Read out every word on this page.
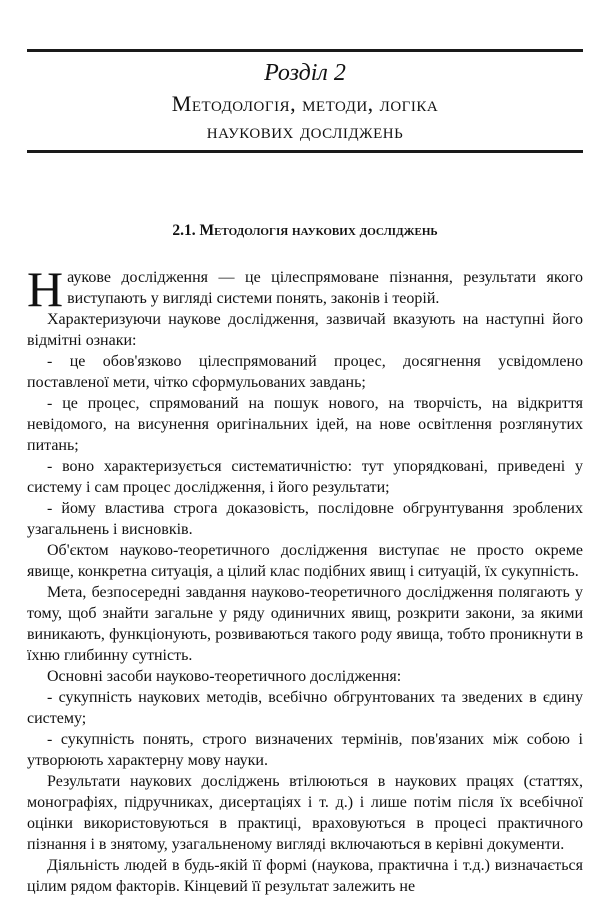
Розділ 2
Методологія, методи, логіка
наукових досліджень
2.1. Методологія наукових досліджень

Наукове дослідження — це цілеспрямоване пізнання, результати якого виступають у вигляді системи понять, законів і теорій.

Характеризуючи наукове дослідження, зазвичай вказують на наступні його відмітні ознаки:

- це обов'язково цілеспрямований процес, досягнення усвідомлено поставленої мети, чітко сформульованих завдань;

- це процес, спрямований на пошук нового, на творчість, на відкриття невідомого, на висунення оригінальних ідей, на нове освітлення розглянутих питань;

- воно характеризується систематичністю: тут упорядковані, приведені у систему і сам процес дослідження, і його результати;

- йому властива строга доказовість, послідовне обгрунтування зроблених узагальнень і висновків.

Об'єктом науково-теоретичного дослідження виступає не просто окреме явище, конкретна ситуація, а цілий клас подібних явищ і ситуацій, їх сукупність.

Мета, безпосередні завдання науково-теоретичного дослідження полягають у тому, щоб знайти загальне у ряду одиничних явищ, розкрити закони, за якими виникають, функціонують, розвиваються такого роду явища, тобто проникнути в їхню глибинну сутність.

Основні засоби науково-теоретичного дослідження:

- сукупність наукових методів, всебічно обгрунтованих та зведених в єдину систему;

- сукупність понять, строго визначених термінів, пов'язаних між собою і утворюють характерну мову науки.

Результати наукових досліджень втілюються в наукових працях (статтях, монографіях, підручниках, дисертаціях і т. д.) і лише потім після їх всебічної оцінки використовуються в практиці, враховуються в процесі практичного пізнання і в знятому, узагальненому вигляді включаються в керівні документи.

Діяльність людей в будь-якій її формі (наукова, практична і т.д.) визначається цілим рядом факторів. Кінцевий її результат залежить не
